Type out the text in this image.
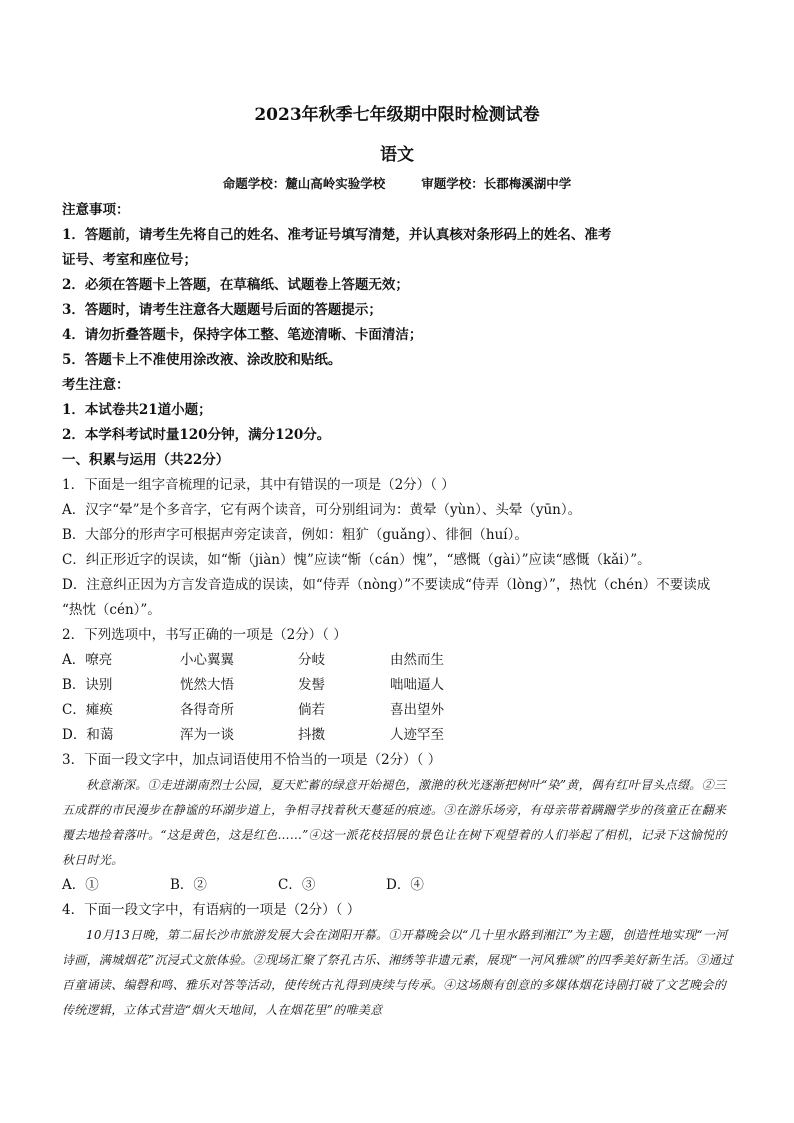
2023年秋季七年级期中限时检测试卷
语文
命题学校：麓山高岭实验学校	审题学校：长郡梅溪湖中学
注意事项：
1．答题前，请考生先将自己的姓名、准考证号填写清楚，并认真核对条形码上的姓名、准考
证号、考室和座位号；
2．必须在答题卡上答题，在草稿纸、试题卷上答题无效；
3．答题时，请考生注意各大题题号后面的答题提示；
4．请勿折叠答题卡，保持字体工整、笔迹清晰、卡面清洁；
5．答题卡上不准使用涂改液、涂改胶和贴纸。
考生注意：
1．本试卷共21道小题；
2．本学科考试时量120分钟，满分120分。
一、积累与运用（共22分）
1．下面是一组字音梳理的记录，其中有错误的一项是（2分）（ ）
A．汉字“晕”是个多音字，它有两个读音，可分别组词为：黄晕（yùn）、头晕（yūn）。
B．大部分的形声字可根据声旁定读音，例如：粗犷（guǎng）、徘徊（huí）。
C．纠正形近字的误读，如“惭（jiàn）愧”应读“惭（cán）愧”，“感慨（gài）”应读“感慨（kǎi）”。
D．注意纠正因为方言发音造成的误读，如“侍弄（nòng）”不要读成“侍弄（lòng）”，热忱（chén）不要读成
“热忱（cén）”。
2．下列选项中，书写正确的一项是（2分）（ ）
A．嘹亮	小心翼翼	分岐	由然而生
B．诀别	恍然大悟	发髻	咄咄逼人
C．瘫痪	各得奇所	倘若	喜出望外
D．和蔼	浑为一谈	抖擞	人迹罕至
3．下面一段文字中，加点词语使用不恰当的一项是（2分）（ ）
秋意渐深。①走进湖南烈士公园，夏天贮蓄的绿意开始褪色，激滟的秋光逐渐把树叶“染”黄，偶有红叶冒头点缀。②三五成群的市民漫步在静谧的环湖步道上，争相寻找着秋天蔓延的痕迹。③在游乐场旁，有母亲带着蹒跚学步的孩童正在翻来覆去地捡着落叶。“这是黄色，这是红色……”④这一派花枝招展的景色让在树下观望着的人们举起了相机，记录下这愉悦的秋日时光。
A．①	B．②	C．③	D．④
4．下面一段文字中，有语病的一项是（2分）（ ）
10月13日晚，第二届长沙市旅游发展大会在浏阳开幕。①开幕晚会以“几十里水路到湘江”为主题，创造性地实现“一河诗画，满城烟花”沉浸式文旅体验。②现场汇聚了祭孔古乐、湘绣等非遗元素，展现“一河风雅颂”的四季美好新生活。③通过百童诵读、编磬和鸣、雅乐对答等活动，使传统古礼得到庚续与传承。④这场颇有创意的多媒体烟花诗剧打破了文艺晚会的传统逻辑，立体式营造“烟火天地间，人在烟花里”的唯美意
